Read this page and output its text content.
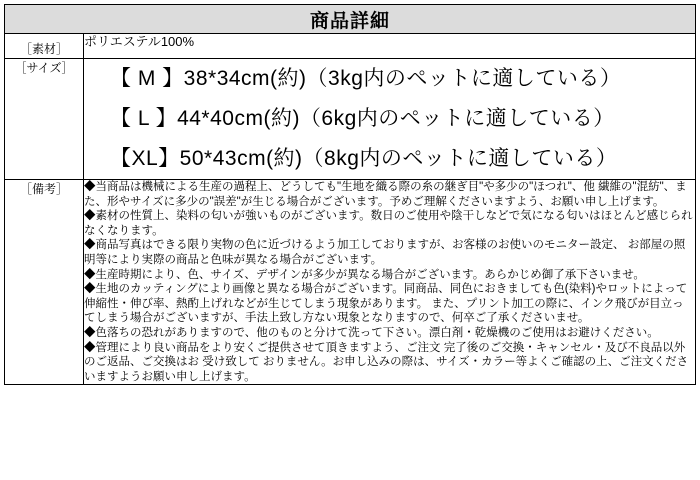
商品詳細
［素材］	ポリエステル100%

［サイズ］	【 M 】38*34cm(約)（3kg内のペットに適している）
【 L 】44*40cm(約)（6kg内のペットに適している）
【XL】50*43cm(約)（8kg内のペットに適している）

［備考］	◆当商品は機械による生産の過程上、どうしても"生地を織る際の糸の継ぎ目"や多少の"ほつれ"、他 繊維の"混紡"、また、形やサイズに多少の"誤差"が生じる場合がございます。予めご理解くださいますよう、お願い申し上げます。
◆素材の性質上、染料の匂いが強いものがございます。数日のご使用や陰干しなどで気になる匂いはほとんど感じられなくなります。
◆商品写真はできる限り実物の色に近づけるよう加工しておりますが、お客様のお使いのモニター設定、 お部屋の照明等により実際の商品と色味が異なる場合がございます。
◆生産時期により、色、サイズ、デザインが多少が異なる場合がございます。あらかじめ御了承下さいませ。
◆生地のカッティングにより画像と異なる場合がございます。同商品、同色におきましても色(染料)やロットによって伸縮性・伸び率、熱酌上げれなどが生じてしまう現象があります。 また、プリント加工の際に、インク飛びが目立ってしまう場合がございますが、手法上致し方ない現象となりますので、何卒ご了承くださいませ。
◆色落ちの恐れがありますので、他のものと分けて洗って下さい。漂白剤・乾燥機のご使用はお避けください。
◆管理により良い商品をより安くご提供させて頂きますよう、ご注文 完了後のご交換・キャンセル・及び不良品以外のご返品、ご交換はお 受け致して おりません。お申し込みの際は、サイズ・カラー等よくご確認の上、ご注文くださいますようお願い申し上げます。
